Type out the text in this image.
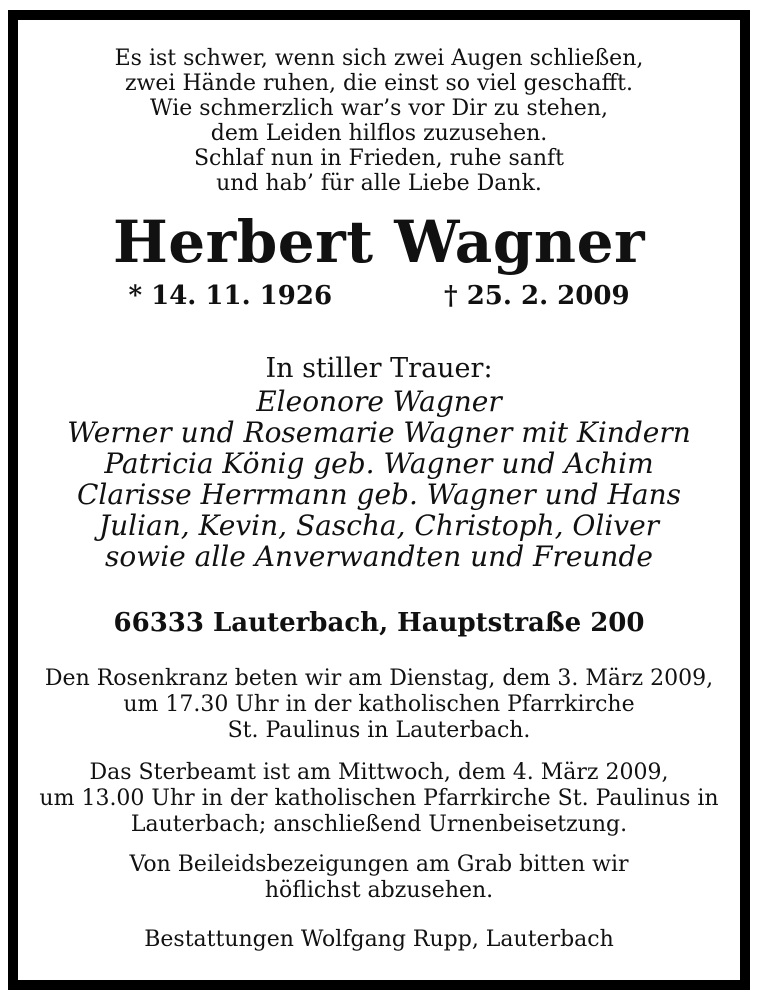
Es ist schwer, wenn sich zwei Augen schließen,
zwei Hände ruhen, die einst so viel geschafft.
Wie schmerzlich war’s vor Dir zu stehen,
dem Leiden hilflos zuzusehen.
Schlaf nun in Frieden, ruhe sanft
und hab’ für alle Liebe Dank.
Herbert Wagner
* 14. 11. 1926	† 25. 2. 2009
In stiller Trauer:
Eleonore Wagner
Werner und Rosemarie Wagner mit Kindern
Patricia König geb. Wagner und Achim
Clarisse Herrmann geb. Wagner und Hans
Julian, Kevin, Sascha, Christoph, Oliver
sowie alle Anverwandten und Freunde
66333 Lauterbach, Hauptstraße 200
Den Rosenkranz beten wir am Dienstag, dem 3. März 2009,
um 17.30 Uhr in der katholischen Pfarrkirche
St. Paulinus in Lauterbach.
Das Sterbeamt ist am Mittwoch, dem 4. März 2009,
um 13.00 Uhr in der katholischen Pfarrkirche St. Paulinus in
Lauterbach; anschließend Urnenbeisetzung.
Von Beileidsbezeigungen am Grab bitten wir
höflichst abzusehen.
Bestattungen Wolfgang Rupp, Lauterbach
